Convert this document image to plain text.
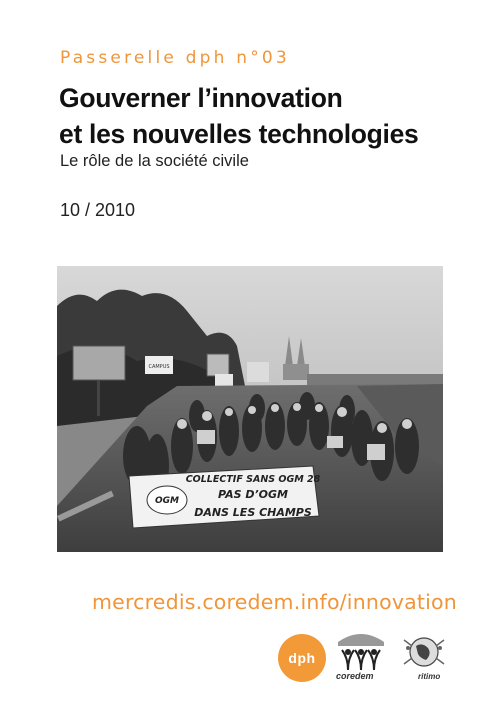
Passerelle dph n°03
Gouverner l’innovation
et les nouvelles technologies
Le rôle de la société civile
10 / 2010
CAMPUS
OGM
COLLECTIF SANS OGM 28
PAS D’OGM
DANS LES CHAMPS
mercredis.coredem.info/innovation
dph
coredem	ritimo
